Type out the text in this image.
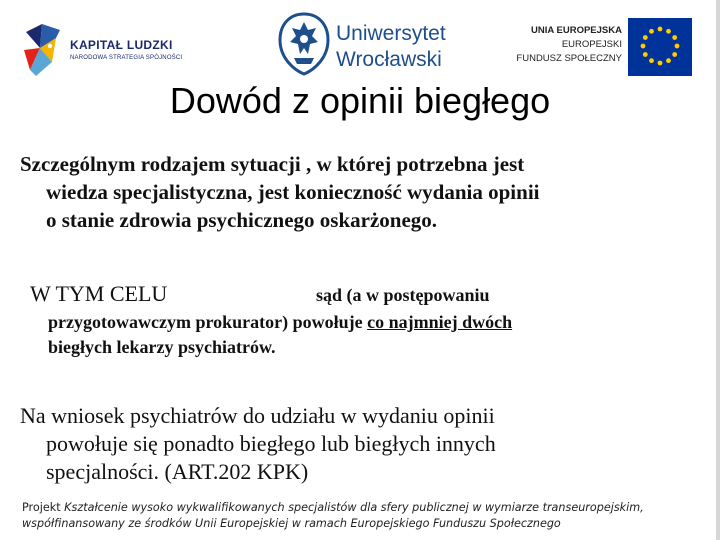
KAPITAŁ LUDZKI
NARODOWA STRATEGIA SPÓJNOŚCI
Uniwersytet
Wrocławski
UNIA EUROPEJSKA
EUROPEJSKI
FUNDUSZ SPOŁECZNY
Dowód z opinii biegłego
Szczególnym rodzajem sytuacji , w której potrzebna jest
wiedza specjalistyczna, jest konieczność wydania opinii
o stanie zdrowia psychicznego oskarżonego.
W TYM CELU	sąd (a w postępowaniu
przygotowawczym prokurator) powołuje co najmniej dwóch
biegłych lekarzy psychiatrów.
Na wniosek psychiatrów do udziału w wydaniu opinii
powołuje się ponadto biegłego lub biegłych innych
specjalności. (ART.202 KPK)
Projekt Kształcenie wysoko wykwalifikowanych specjalistów dla sfery publicznej w wymiarze transeuropejskim,
współfinansowany ze środków Unii Europejskiej w ramach Europejskiego Funduszu Społecznego
